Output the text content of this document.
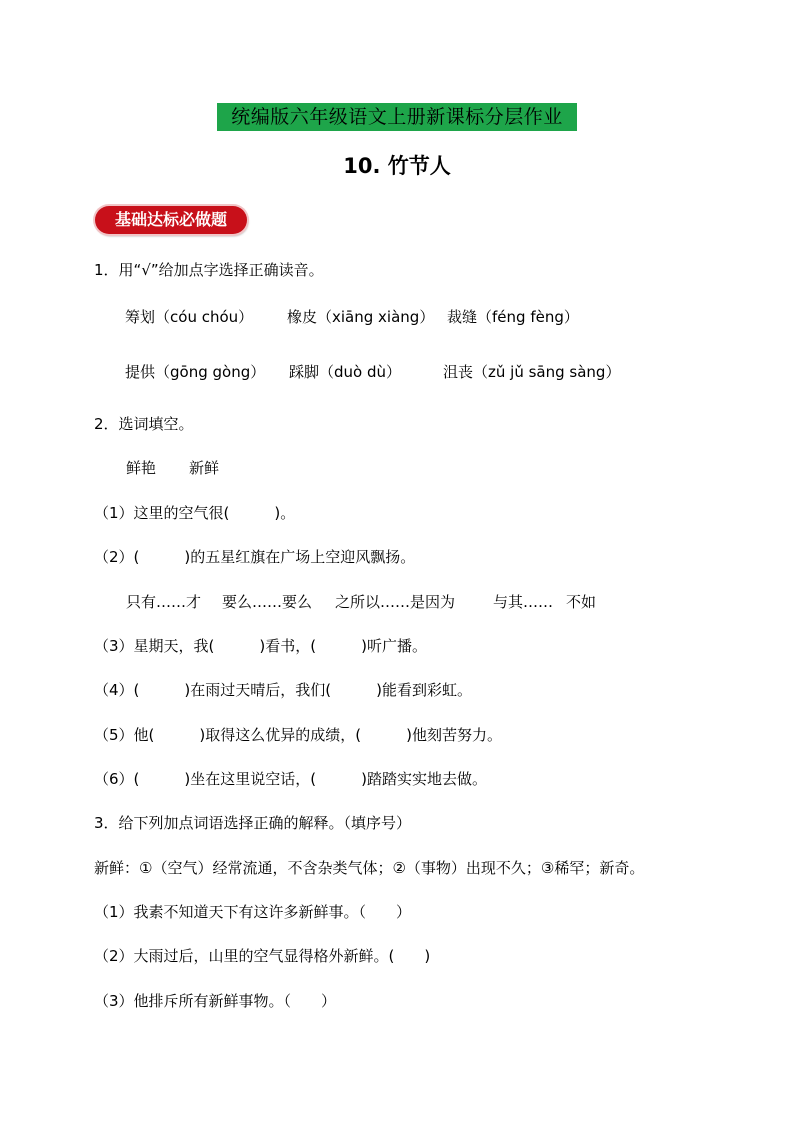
统编版六年级语文上册新课标分层作业
10. 竹节人
基础达标必做题
1．用“√”给加点字选择正确读音。
筹划（cóu chóu） 橡皮（xiāng xiàng） 裁缝（féng fèng）
提供（gōng gòng） 踩脚（duò dù）	沮丧（zǔ jǔ sāng sàng）
2．选词填空。
鲜艳 新鲜
（1）这里的空气很(　　　)。
（2）(　　　)的五星红旗在广场上空迎风飘扬。
只有……才 要么……要么 之所以……是因为	与其…… 不如
（3）星期天，我(　　　)看书，(　　　)听广播。
（4）(　　　)在雨过天晴后，我们(　　　)能看到彩虹。
（5）他(　　　)取得这么优异的成绩，(　　　)他刻苦努力。
（6）(　　　)坐在这里说空话，(　　　)踏踏实实地去做。
3．给下列加点词语选择正确的解释。（填序号）
新鲜：①（空气）经常流通，不含杂类气体；②（事物）出现不久；③稀罕；新奇。
（1）我素不知道天下有这许多新鲜事。（　　）
（2）大雨过后，山里的空气显得格外新鲜。(　　)
（3）他排斥所有新鲜事物。（　　）
